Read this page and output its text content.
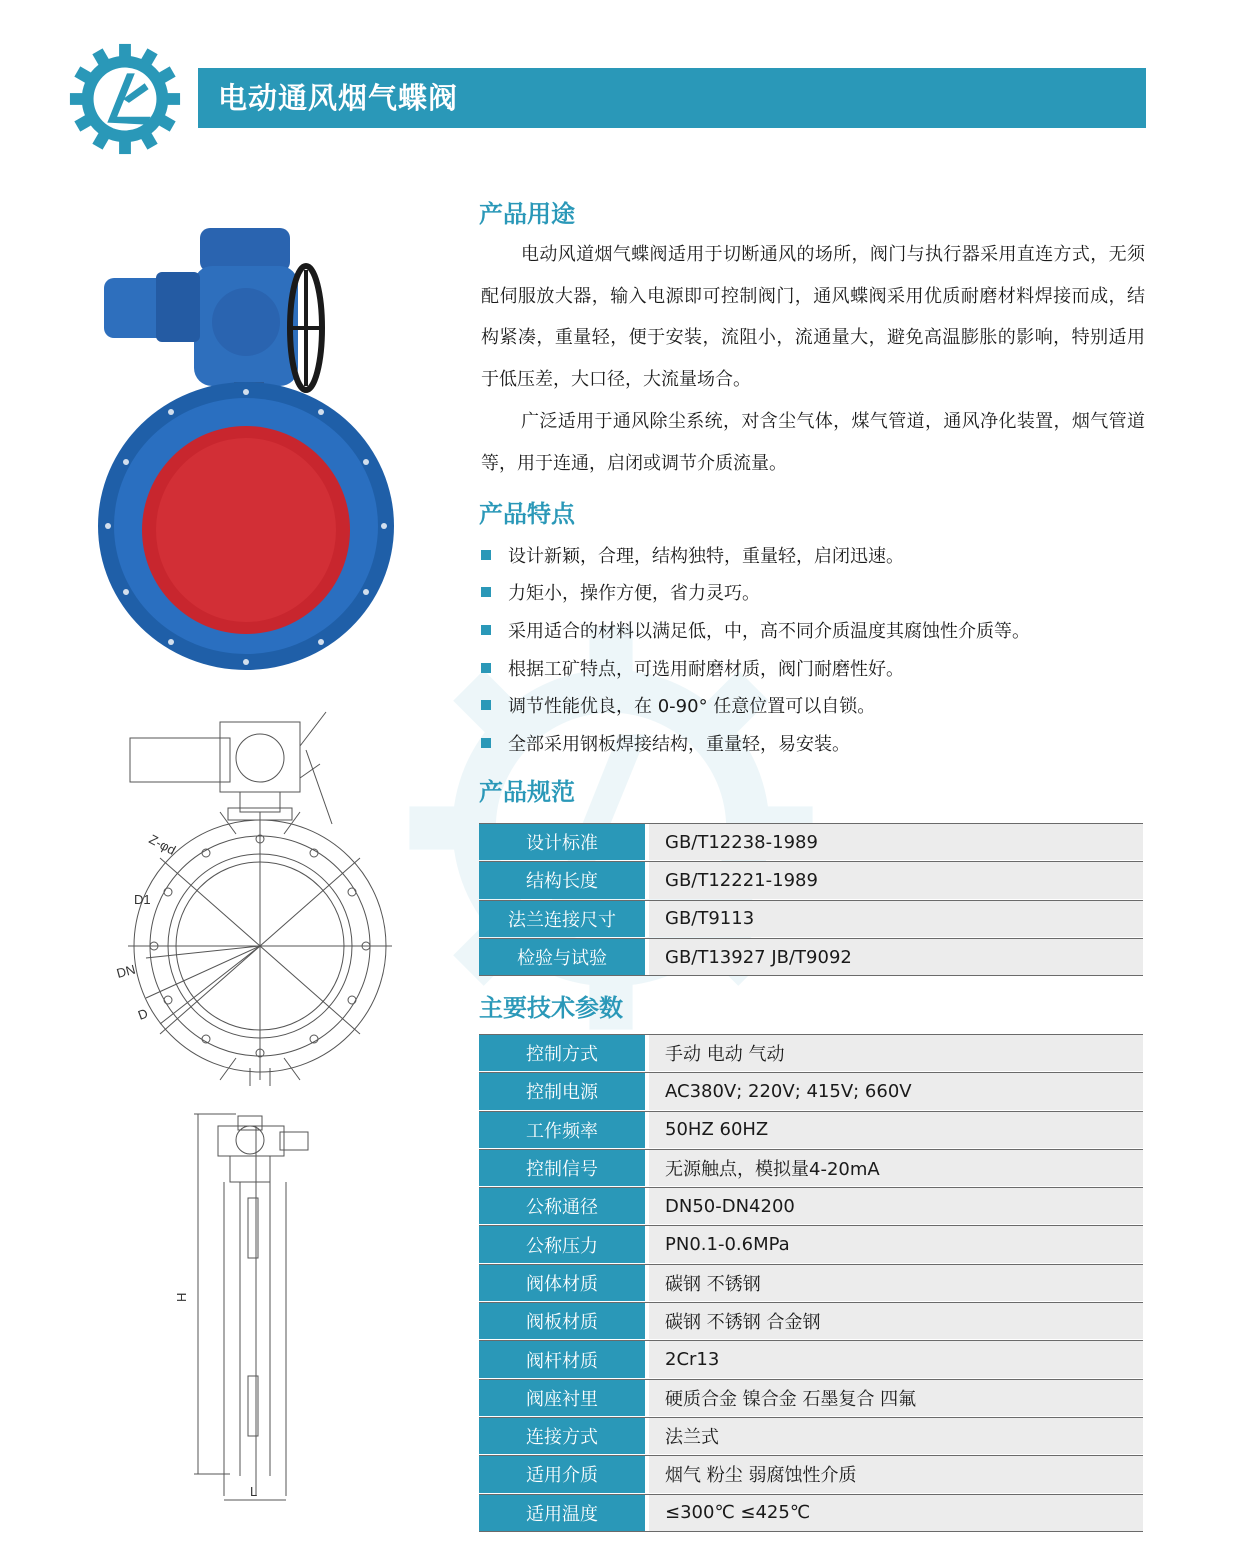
电动通风烟气蝶阀
Z-φd
D1
DN
D
H
L
产品用途
电动风道烟气蝶阀适用于切断通风的场所，阀门与执行器采用直连方式，无须配伺服放大器，输入电源即可控制阀门，通风蝶阀采用优质耐磨材料焊接而成，结构紧凑，重量轻，便于安装，流阻小，流通量大，避免高温膨胀的影响，特别适用于低压差，大口径，大流量场合。
广泛适用于通风除尘系统，对含尘气体，煤气管道，通风净化装置，烟气管道等，用于连通，启闭或调节介质流量。
产品特点
设计新颖，合理，结构独特，重量轻，启闭迅速。
力矩小，操作方便，省力灵巧。
采用适合的材料以满足低，中，高不同介质温度其腐蚀性介质等。
根据工矿特点，可选用耐磨材质，阀门耐磨性好。
调节性能优良，在 0-90° 任意位置可以自锁。
全部采用钢板焊接结构，重量轻，易安装。
产品规范
设计标准	GB/T12238-1989
结构长度	GB/T12221-1989
法兰连接尺寸	GB/T9113
检验与试验	GB/T13927 JB/T9092
主要技术参数
控制方式	手动 电动 气动
控制电源	AC380V; 220V; 415V; 660V
工作频率	50HZ 60HZ
控制信号	无源触点，模拟量4-20mA
公称通径	DN50-DN4200
公称压力	PN0.1-0.6MPa
阀体材质	碳钢 不锈钢
阀板材质	碳钢 不锈钢 合金钢
阀杆材质	2Cr13
阀座衬里	硬质合金 镍合金 石墨复合 四氟
连接方式	法兰式
适用介质	烟气 粉尘 弱腐蚀性介质
适用温度	≤300℃ ≤425℃
